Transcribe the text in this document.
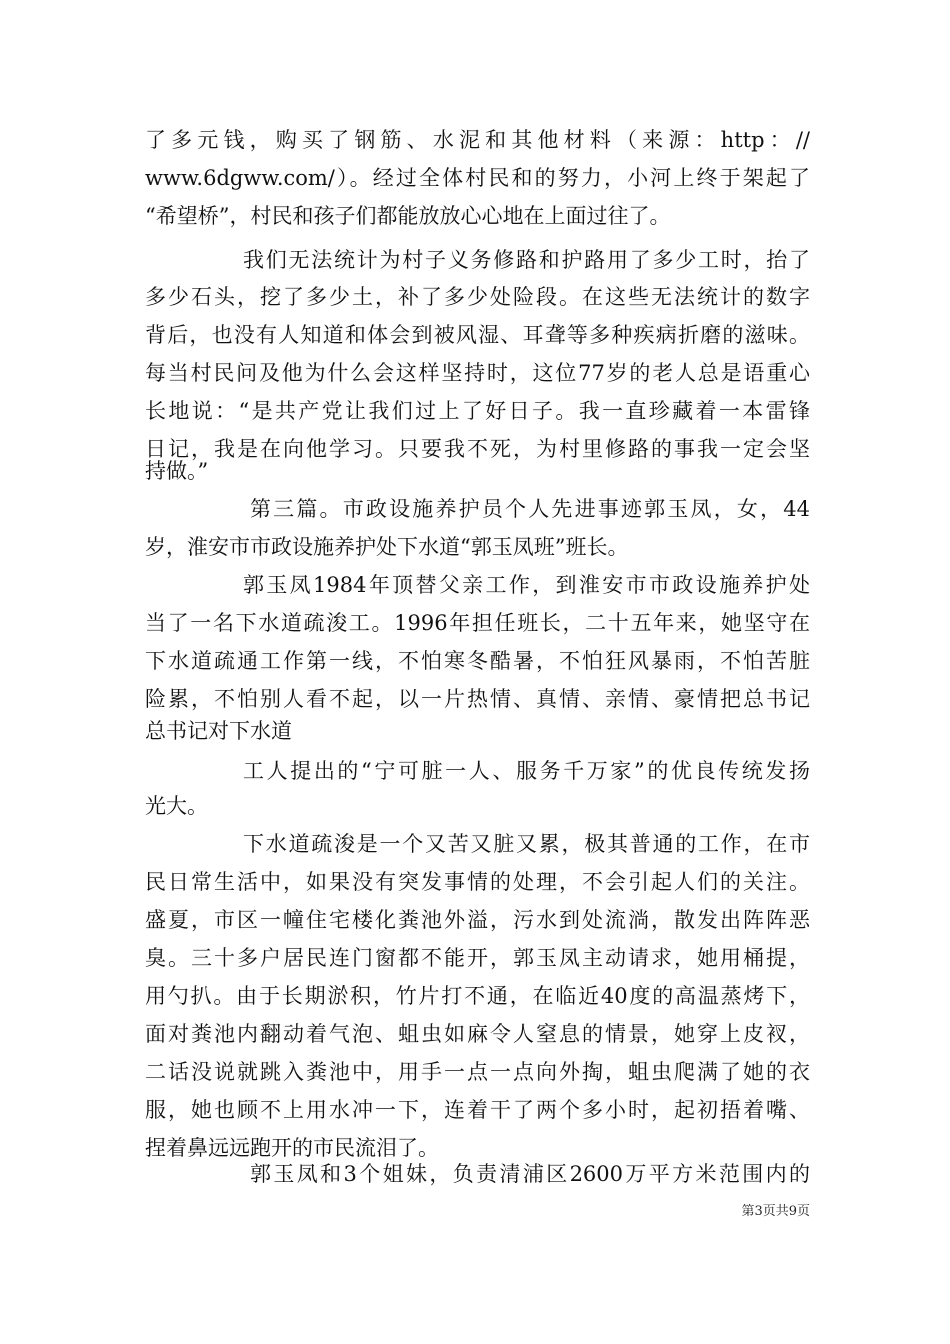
了多元钱，购买了钢筋、水泥和其他材料（来源：http：//
www.6dgww.com/）。经过全体村民和的努力，小河上终于架起了
“希望桥”，村民和孩子们都能放放心心地在上面过往了。
我们无法统计为村子义务修路和护路用了多少工时，抬了
多少石头，挖了多少土，补了多少处险段。在这些无法统计的数字
背后，也没有人知道和体会到被风湿、耳聋等多种疾病折磨的滋味。
每当村民问及他为什么会这样坚持时，这位77岁的老人总是语重心
长地说：“是共产党让我们过上了好日子。我一直珍藏着一本雷锋
日记，我是在向他学习。只要我不死，为村里修路的事我一定会坚
持做。”
第三篇。市政设施养护员个人先进事迹郭玉凤，女，44
岁，淮安市市政设施养护处下水道“郭玉凤班”班长。
郭玉凤1984年顶替父亲工作，到淮安市市政设施养护处
当了一名下水道疏浚工。1996年担任班长，二十五年来，她坚守在
下水道疏通工作第一线，不怕寒冬酷暑，不怕狂风暴雨，不怕苦脏
险累，不怕别人看不起，以一片热情、真情、亲情、豪情把总书记
总书记对下水道
工人提出的“宁可脏一人、服务千万家”的优良传统发扬
光大。
下水道疏浚是一个又苦又脏又累，极其普通的工作，在市
民日常生活中，如果没有突发事情的处理，不会引起人们的关注。
盛夏，市区一幢住宅楼化粪池外溢，污水到处流淌，散发出阵阵恶
臭。三十多户居民连门窗都不能开，郭玉凤主动请求，她用桶提，
用勺扒。由于长期淤积，竹片打不通，在临近40度的高温蒸烤下，
面对粪池内翻动着气泡、蛆虫如麻令人窒息的情景，她穿上皮衩，
二话没说就跳入粪池中，用手一点一点向外掏，蛆虫爬满了她的衣
服，她也顾不上用水冲一下，连着干了两个多小时，起初捂着嘴、
捏着鼻远远跑开的市民流泪了。
郭玉凤和3个姐妹，负责清浦区2600万平方米范围内的
第3页共9页
